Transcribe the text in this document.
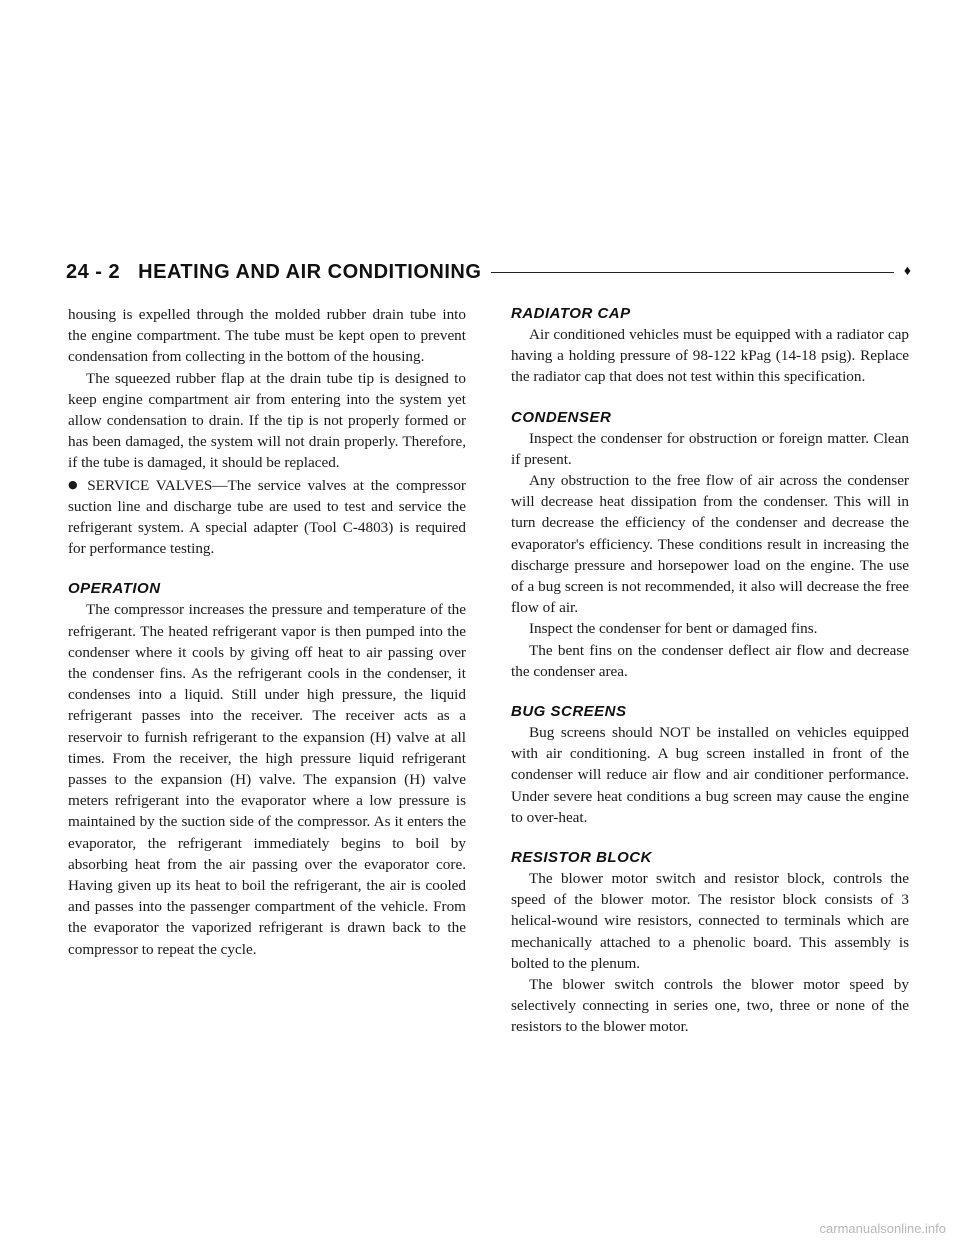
24 - 2 HEATING AND AIR CONDITIONING	♦

housing is expelled through the molded rubber drain tube into the engine compartment. The tube must be kept open to prevent condensation from collecting in the bottom of the housing.

The squeezed rubber flap at the drain tube tip is designed to keep engine compartment air from entering into the system yet allow condensation to drain. If the tip is not properly formed or has been damaged, the system will not drain properly. Therefore, if the tube is damaged, it should be replaced.

● SERVICE VALVES—The service valves at the compressor suction line and discharge tube are used to test and service the refrigerant system. A special adapter (Tool C-4803) is required for performance testing.

OPERATION

The compressor increases the pressure and temperature of the refrigerant. The heated refrigerant vapor is then pumped into the condenser where it cools by giving off heat to air passing over the condenser fins. As the refrigerant cools in the condenser, it condenses into a liquid. Still under high pressure, the liquid refrigerant passes into the receiver. The receiver acts as a reservoir to furnish refrigerant to the expansion (H) valve at all times. From the receiver, the high pressure liquid refrigerant passes to the expansion (H) valve. The expansion (H) valve meters refrigerant into the evaporator where a low pressure is maintained by the suction side of the compressor. As it enters the evaporator, the refrigerant immediately begins to boil by absorbing heat from the air passing over the evaporator core. Having given up its heat to boil the refrigerant, the air is cooled and passes into the passenger compartment of the vehicle. From the evaporator the vaporized refrigerant is drawn back to the compressor to repeat the cycle.

RADIATOR CAP

Air conditioned vehicles must be equipped with a radiator cap having a holding pressure of 98-122 kPag (14-18 psig). Replace the radiator cap that does not test within this specification.

CONDENSER

Inspect the condenser for obstruction or foreign matter. Clean if present.

Any obstruction to the free flow of air across the condenser will decrease heat dissipation from the condenser. This will in turn decrease the efficiency of the condenser and decrease the evaporator's efficiency. These conditions result in increasing the discharge pressure and horsepower load on the engine. The use of a bug screen is not recommended, it also will decrease the free flow of air.

Inspect the condenser for bent or damaged fins.

The bent fins on the condenser deflect air flow and decrease the condenser area.

BUG SCREENS

Bug screens should NOT be installed on vehicles equipped with air conditioning. A bug screen installed in front of the condenser will reduce air flow and air conditioner performance. Under severe heat conditions a bug screen may cause the engine to over-heat.

RESISTOR BLOCK

The blower motor switch and resistor block, controls the speed of the blower motor. The resistor block consists of 3 helical-wound wire resistors, connected to terminals which are mechanically attached to a phenolic board. This assembly is bolted to the plenum.

The blower switch controls the blower motor speed by selectively connecting in series one, two, three or none of the resistors to the blower motor.

carmanualsonline.info
